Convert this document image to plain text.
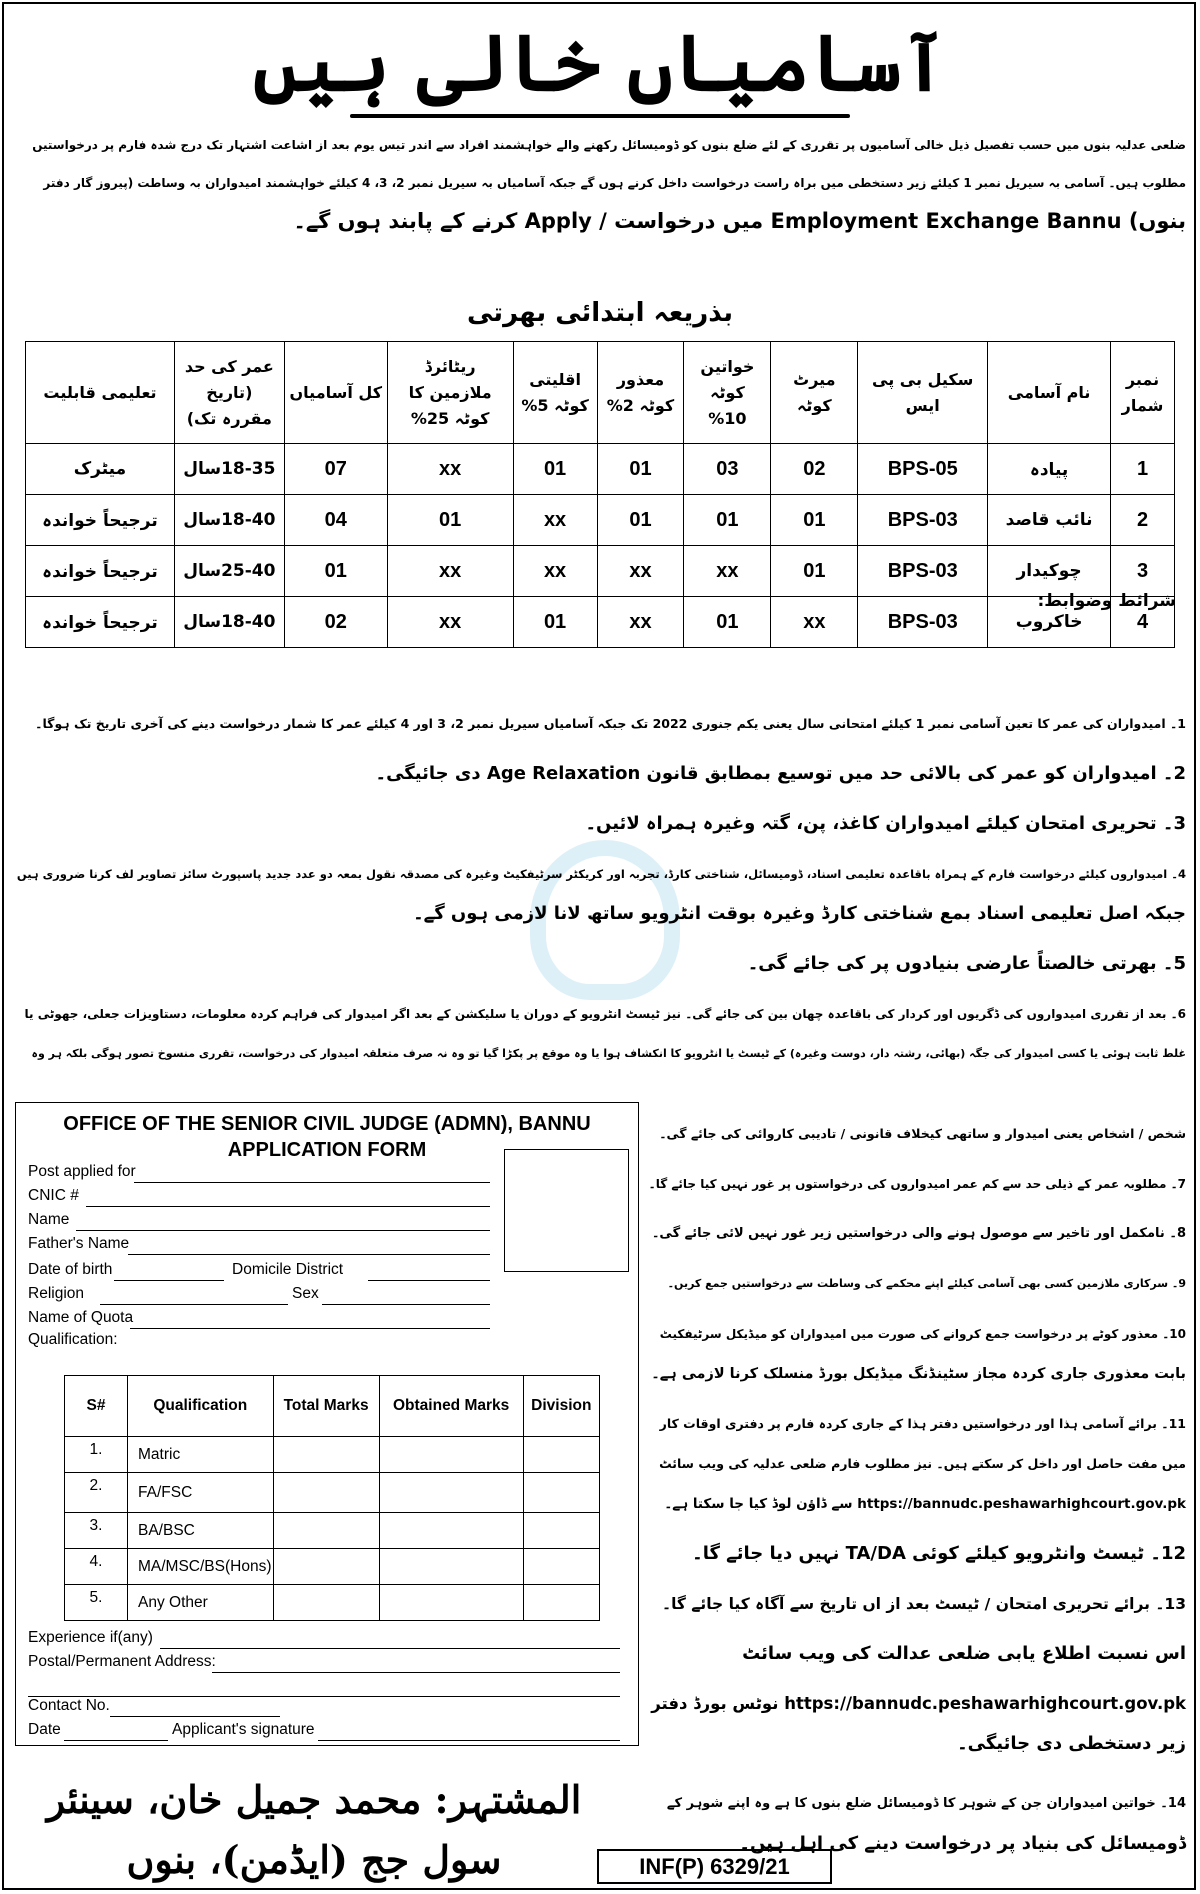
آسامیاں خالی ہیں
ضلعی عدلیہ بنوں میں حسب تفصیل ذیل خالی آسامیوں پر تقرری کے لئے ضلع بنوں کو ڈومیسائل رکھنے والے خواہشمند افراد سے اندر تیس یوم بعد از اشاعت اشتہار تک درج شدہ فارم پر درخواستیں
مطلوب ہیں۔ آسامی بہ سیریل نمبر 1 کیلئے زیر دستخطی میں براہ راست درخواست داخل کرنے ہوں گے جبکہ آسامیاں بہ سیریل نمبر 2، 3، 4 کیلئے خواہشمند امیدواران بہ وساطت (پیروز گار دفتر
بنوں) Employment Exchange Bannu میں درخواست / Apply کرنے کے پابند ہوں گے۔
بذریعہ ابتدائی بھرتی
نمبر شمار	نام آسامی	سکیل بی پی ایس	میرٹ کوٹہ	خواتین کوٹہ 10%	معذور کوٹہ 2%	اقلیتی کوٹہ 5%	ریٹائرڈ ملازمین کا کوٹہ 25%	کل آسامیاں	عمر کی حد (تاریخ مقررہ تک)	تعلیمی قابلیت
1	پیادہ	BPS-05	02	03	01	01	xx	07	18-35سال	میٹرک
2	نائب قاصد	BPS-03	01	01	01	xx	01	04	18-40سال	ترجیحاً خواندہ
3	چوکیدار	BPS-03	01	xx	xx	xx	xx	01	25-40سال	ترجیحاً خواندہ
4	خاکروب	BPS-03	xx	01	xx	01	xx	02	18-40سال	ترجیحاً خواندہ
شرائط وضوابط:
1۔ امیدواران کی عمر کا تعین آسامی نمبر 1 کیلئے امتحانی سال یعنی یکم جنوری 2022 تک جبکہ آسامیاں سیریل نمبر 2، 3 اور 4 کیلئے عمر کا شمار درخواست دینے کی آخری تاریخ تک ہوگا۔
2۔ امیدواران کو عمر کی بالائی حد میں توسیع بمطابق قانون Age Relaxation دی جائیگی۔
3۔ تحریری امتحان کیلئے امیدواران کاغذ، پن، گتہ وغیرہ ہمراہ لائیں۔
4۔ امیدواروں کیلئے درخواست فارم کے ہمراہ باقاعدہ تعلیمی اسناد، ڈومیسائل، شناختی کارڈ، تجربہ اور کریکٹر سرٹیفکیٹ وغیرہ کی مصدقہ نقول بمعہ دو عدد جدید پاسپورٹ سائز تصاویر لف کرنا ضروری ہیں
جبکہ اصل تعلیمی اسناد بمع شناختی کارڈ وغیرہ بوقت انٹرویو ساتھ لانا لازمی ہوں گے۔
5۔ بھرتی خالصتاً عارضی بنیادوں پر کی جائے گی۔
6۔ بعد از تقرری امیدواروں کی ڈگریوں اور کردار کی باقاعدہ چھان بین کی جائے گی۔ نیز ٹیسٹ انٹرویو کے دوران یا سلیکشن کے بعد اگر امیدوار کی فراہم کردہ معلومات، دستاویزات جعلی، جھوٹی یا
غلط ثابت ہوئی یا کسی امیدوار کی جگہ (بھائی، رشتہ دار، دوست وغیرہ) کے ٹیسٹ یا انٹرویو کا انکشاف ہوا یا وہ موقع پر پکڑا گیا تو وہ نہ صرف متعلقہ امیدوار کی درخواست، تقرری منسوخ تصور ہوگی بلکہ ہر وہ
شخص / اشخاص یعنی امیدوار و ساتھی کیخلاف قانونی / تادیبی کاروائی کی جائے گی۔
7۔ مطلوبہ عمر کے ذیلی حد سے کم عمر امیدواروں کی درخواستوں پر غور نہیں کیا جائے گا۔
8۔ نامکمل اور تاخیر سے موصول ہونے والی درخواستیں زیر غور نہیں لائی جائے گی۔
9۔ سرکاری ملازمین کسی بھی آسامی کیلئے اپنے محکمے کی وساطت سے درخواستیں جمع کریں۔
10۔ معذور کوٹے پر درخواست جمع کروانے کی صورت میں امیدواران کو میڈیکل سرٹیفکیٹ
بابت معذوری جاری کردہ مجاز سٹینڈنگ میڈیکل بورڈ منسلک کرنا لازمی ہے۔
11۔ برائے آسامی ہذا اور درخواستیں دفتر ہذا کے جاری کردہ فارم پر دفتری اوقات کار
میں مفت حاصل اور داخل کر سکتے ہیں۔ نیز مطلوب فارم ضلعی عدلیہ کی ویب سائٹ
https://bannudc.peshawarhighcourt.gov.pk سے ڈاؤن لوڈ کیا جا سکتا ہے۔
12۔ ٹیسٹ وانٹرویو کیلئے کوئی TA/DA نہیں دیا جائے گا۔
13۔ برائے تحریری امتحان / ٹیسٹ بعد از اں تاریخ سے آگاہ کیا جائے گا۔
اس نسبت اطلاع یابی ضلعی عدالت کی ویب سائٹ
https://bannudc.peshawarhighcourt.gov.pk نوٹس بورڈ دفتر
زیر دستخطی دی جائیگی۔
14۔ خواتین امیدواران جن کے شوہر کا ڈومیسائل ضلع بنوں کا ہے وہ اپنے شوہر کے
ڈومیسائل کی بنیاد پر درخواست دینے کی اہل ہیں۔
OFFICE OF THE SENIOR CIVIL JUDGE (ADMN), BANNU
APPLICATION FORM
Post applied for
CNIC #
Name
Father's Name
Date of birth	Domicile District
Religion	Sex
Name of Quota
Qualification:
S#	Qualification	Total Marks	Obtained Marks	Division
1.	Matric			
2.	FA/FSC			
3.	BA/BSC			
4.	MA/MSC/BS(Hons)			
5.	Any Other			
Experience if(any)
Postal/Permanent Address:
Contact No.
Date	Applicant's signature
المشتہر: محمد جمیل خان، سینئر سول جج (ایڈمن)، بنوں	INF(P) 6329/21
